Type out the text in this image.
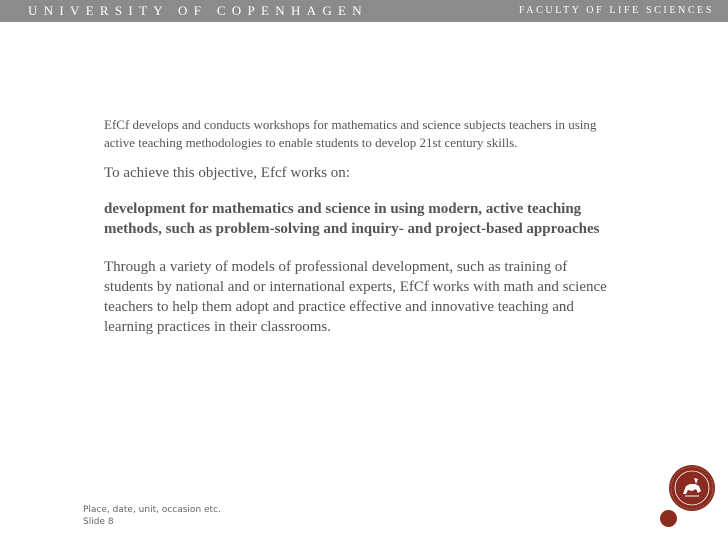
UNIVERSITY OF COPENHAGEN	FACULTY OF LIFE SCIENCES

EfCf develops and conducts workshops for mathematics and science subjects teachers in using active teaching methodologies to enable students to develop 21st century skills.

To achieve this objective, Efcf works on:

development for mathematics and science in using modern, active teaching methods, such as problem-solving and inquiry- and project-based approaches

Through a variety of models of professional development, such as training of students by national and or international experts, EfCf works with math and science teachers to help them adopt and practice effective and innovative teaching and learning practices in their classrooms.

Place, date, unit, occasion etc.
Slide 8
